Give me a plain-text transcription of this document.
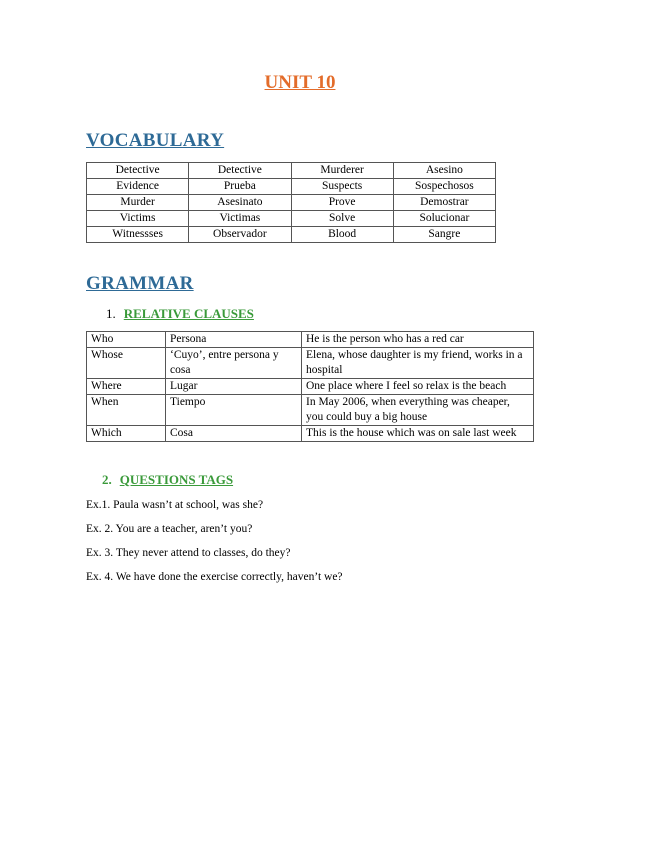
UNIT 10
VOCABULARY
Detective	Detective	Murderer	Asesino
Evidence	Prueba	Suspects	Sospechosos
Murder	Asesinato	Prove	Demostrar
Victims	Victimas	Solve	Solucionar
Witnessses	Observador	Blood	Sangre
GRAMMAR
1. RELATIVE CLAUSES
Who	Persona	He is the person who has a red car
Whose	‘Cuyo’, entre persona y cosa	Elena, whose daughter is my friend, works in a hospital
Where	Lugar	One place where I feel so relax is the beach
When	Tiempo	In May 2006, when everything was cheaper, you could buy a big house
Which	Cosa	This is the house which was on sale last week
2. QUESTIONS TAGS
Ex.1. Paula wasn’t at school, was she?
Ex. 2. You are a teacher, aren’t you?
Ex. 3. They never attend to classes, do they?
Ex. 4. We have done the exercise correctly, haven’t we?
